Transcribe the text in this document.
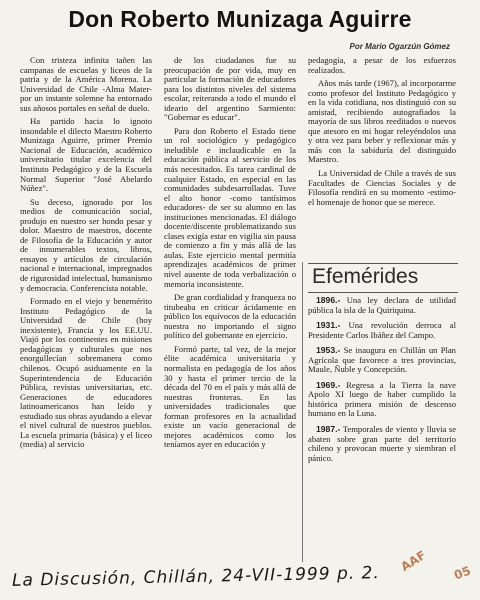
Don Roberto Munizaga Aguirre
Por Mario Ogarzún Gómez

Con tristeza infinita tañen las campanas de escuelas y liceos de la patria y de la América Morena. La Universidad de Chile -Alma Mater- por un instante solemne ha entornado sus añosos portales en señal de duelo.

Ha partido hacia lo ignoto insondable el dilecto Maestro Roberto Munizaga Aguirre, primer Premio Nacional de Educación, académico universitario titular excelencia del Instituto Pedagógico y de la Escuela Normal Superior "José Abelardo Núñez".

Su deceso, ignorado por los medios de comunicación social, produjo en nuestro ser hondo pesar y dolor. Maestro de maestros, docente de Filosofía de la Educación y autor de innumerables textos, libros, ensayos y artículos de circulación nacional e internacional, impregnados de rigurosidad intelectual, humanismo y democracia. Conferencista notable.

Formado en el viejo y benemérito Instituto Pedagógico de la Universidad de Chile (hoy inexistente), Francia y los EE.UU. Viajó por los continentes en misiones pedagógicas y culturales que nos enorgullecían sobremanera como chilenos. Ocupó asiduamente en la Superintendencia de Educación Pública, revistas universitarias, etc. Generaciones de educadores latinoamericanos han leído y estudiado sus obras ayudando a elevar el nivel cultural de nuestros pueblos. La escuela primaria (básica) y el liceo (media) al servicio

de los ciudadanos fue su preocupación de por vida, muy en particular la formación de educadores para los distintos niveles del sistema escolar, reiterando a todo el mundo el ideario del argentino Sarmiento: "Gobernar es educar".

Para don Roberto el Estado tiene un rol sociológico y pedagógico ineludible e inclaudicable en la educación pública al servicio de los más necesitados. Es tarea cardinal de cualquier Estado, en especial en las comunidades subdesarrolladas. Tuve el alto honor -como tantísimos educadores- de ser su alumno en las instituciones mencionadas. El diálogo docente/discente problematizando sus clases exigía estar en vigilia sin pausa de comienzo a fin y más allá de las aulas. Este ejercicio mental permitía aprendizajes académicos de primer nivel ausente de toda verbalización o memoria inconsistente.

De gran cordialidad y franqueza no titubeaba en criticar ácidamente en público los equívocos de la educación nuestra no importando el signo político del gobernante en ejercicio.

Formó parte, tal vez, de la mejor élite académica universitaria y normalista en pedagogía de los años 30 y hasta el primer tercio de la década del 70 en el país y más allá de nuestras fronteras. En las universidades tradicionales que forman profesores en la actualidad existe un vacío generacional de mejores académicos como los teníamos ayer en educación y

pedagogía, a pesar de los esfuerzos realizados.

Años más tarde (1967), al incorporarme como profesor del Instituto Pedagógico y en la vida cotidiana, nos distinguió con su amistad, recibiendo autografiados la mayoría de sus libros reeditados o nuevos que atesoro en mi hogar releyéndolos una y otra vez para beber y reflexionar más y más con la sabiduría del distinguido Maestro.

La Universidad de Chile a través de sus Facultades de Ciencias Sociales y de Filosofía rendirá en su momento -estimo- el homenaje de honor que se merece.

Efemérides

1896.- Una ley declara de utilidad pública la isla de la Quiriquina.

1931.- Una revolución derroca al Presidente Carlos Ibáñez del Campo.

1953.- Se inaugura en Chillán un Plan Agrícola que favorece a tres provincias, Maule, Ñuble y Concepción.

1969.- Regresa a la Tierra la nave Apolo XI luego de haber cumplido la histórica primera misión de descenso humano en la Luna.

1987.- Temporales de viento y lluvia se abaten sobre gran parte del territorio chileno y provocan muerte y siembran el pánico.

La Discusión, Chillán, 24-VII-1999 p. 2.
AAF 05
